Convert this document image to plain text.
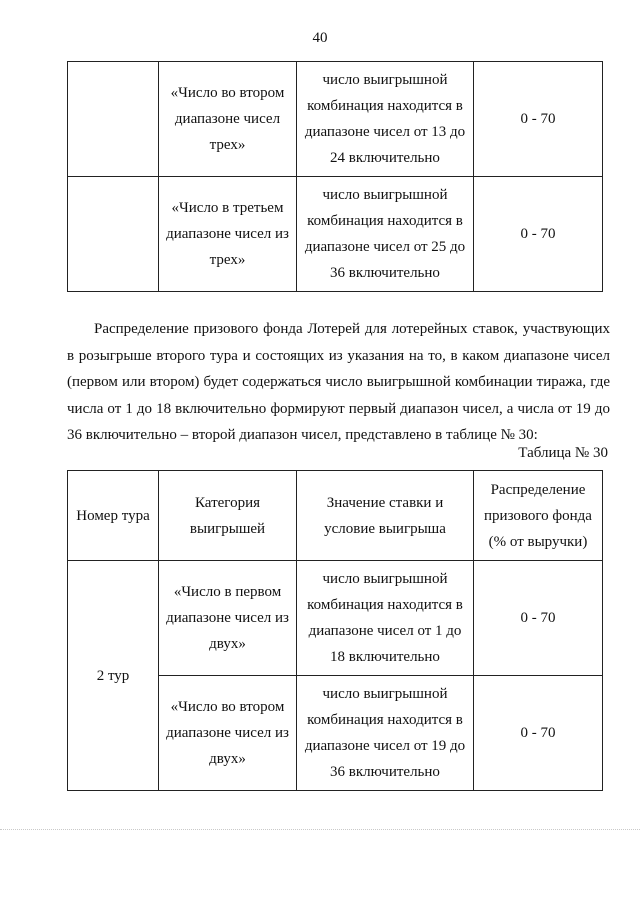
40
	«Число во втором диапазоне чисел трех»	число выигрышной комбинация находится в диапазоне чисел от 13 до 24 включительно	0 - 70
	«Число в третьем диапазоне чисел из трех»	число выигрышной комбинация находится в диапазоне чисел от 25 до 36 включительно	0 - 70
Распределение призового фонда Лотерей для лотерейных ставок, участвующих в розыгрыше второго тура и состоящих из указания на то, в каком диапазоне чисел (первом или втором) будет содержаться число выигрышной комбинации тиража, где числа от 1 до 18 включительно формируют первый диапазон чисел, а числа от 19 до 36 включительно – второй диапазон чисел, представлено в таблице № 30:
Таблица № 30
Номер тура	Категория выигрышей	Значение ставки и условие выигрыша	Распределение призового фонда (% от выручки)
2 тур	«Число в первом диапазоне чисел из двух»	число выигрышной комбинация находится в диапазоне чисел от 1 до 18 включительно	0 - 70
	«Число во втором диапазоне чисел из двух»	число выигрышной комбинация находится в диапазоне чисел от 19 до 36 включительно	0 - 70
